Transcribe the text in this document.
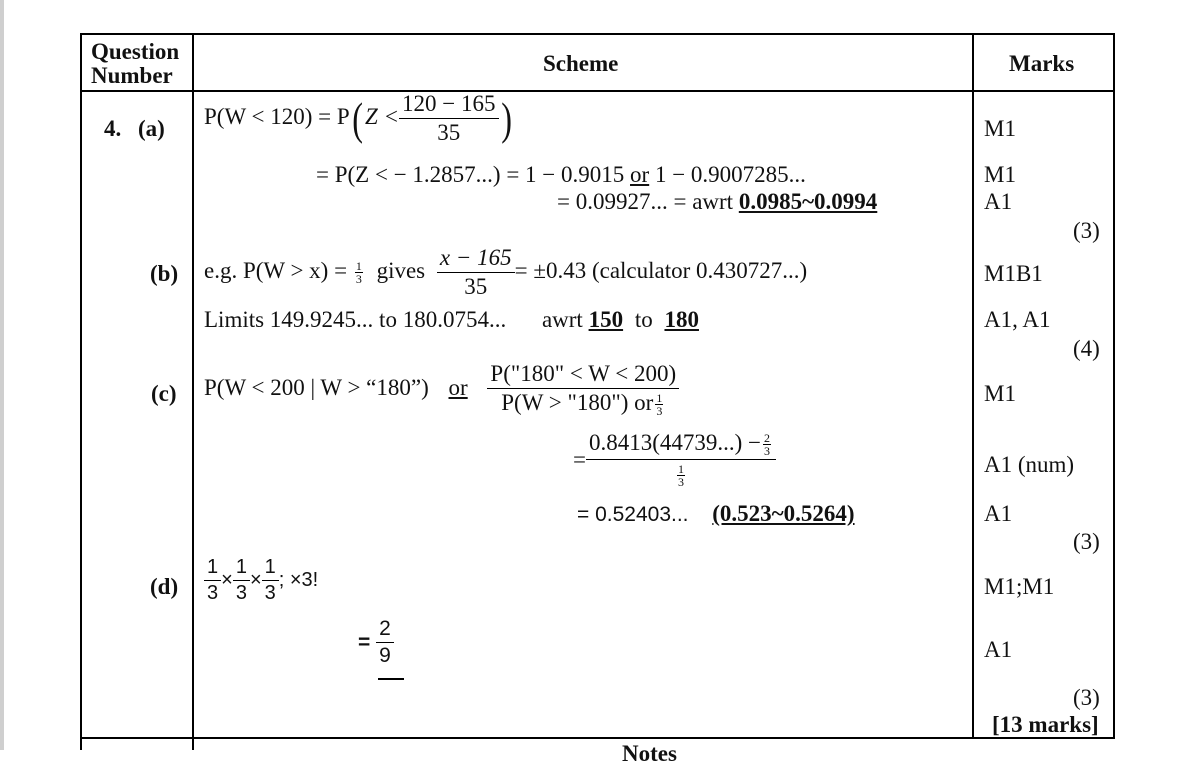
Question
Number	Scheme	Marks
4. (a) $P(W < 120) = P(Z < \frac{120 - 165}{35}$ )
= P(Z < − 1.2857...) = 1 − 0.9015 or 1 − 0.9007285...
= 0.09927... = awrt 0.0985~0.0994
M1
M1
A1
(3)
(b) e.g. $P(W > x) = \frac{1}{3}$ gives $\frac{x - 165}{35} = \pm 0.43$ (calculator 0.430727...)
Limits 149.9245... to 180.0754... awrt 150 to 180
M1B1
A1, A1
(4)
(c) P(W < 200 | W > “180”) or $\frac{P("180" < W < 200)}{P(W > "180") or \frac{1}{3}}$
= $\frac{0.8413(44739...) - \frac{2}{3}}{\frac{1}{3}}$
= 0.52403... (0.523~0.5264)
M1
A1 (num)
A1
(3)
$(d) \frac{1}{3} \times \frac{1}{3} \times \frac{1}{3}$ ; ×3!
= $\frac{2}{9}$
M1;M1
A1
(3)
[13 marks]
Notes
